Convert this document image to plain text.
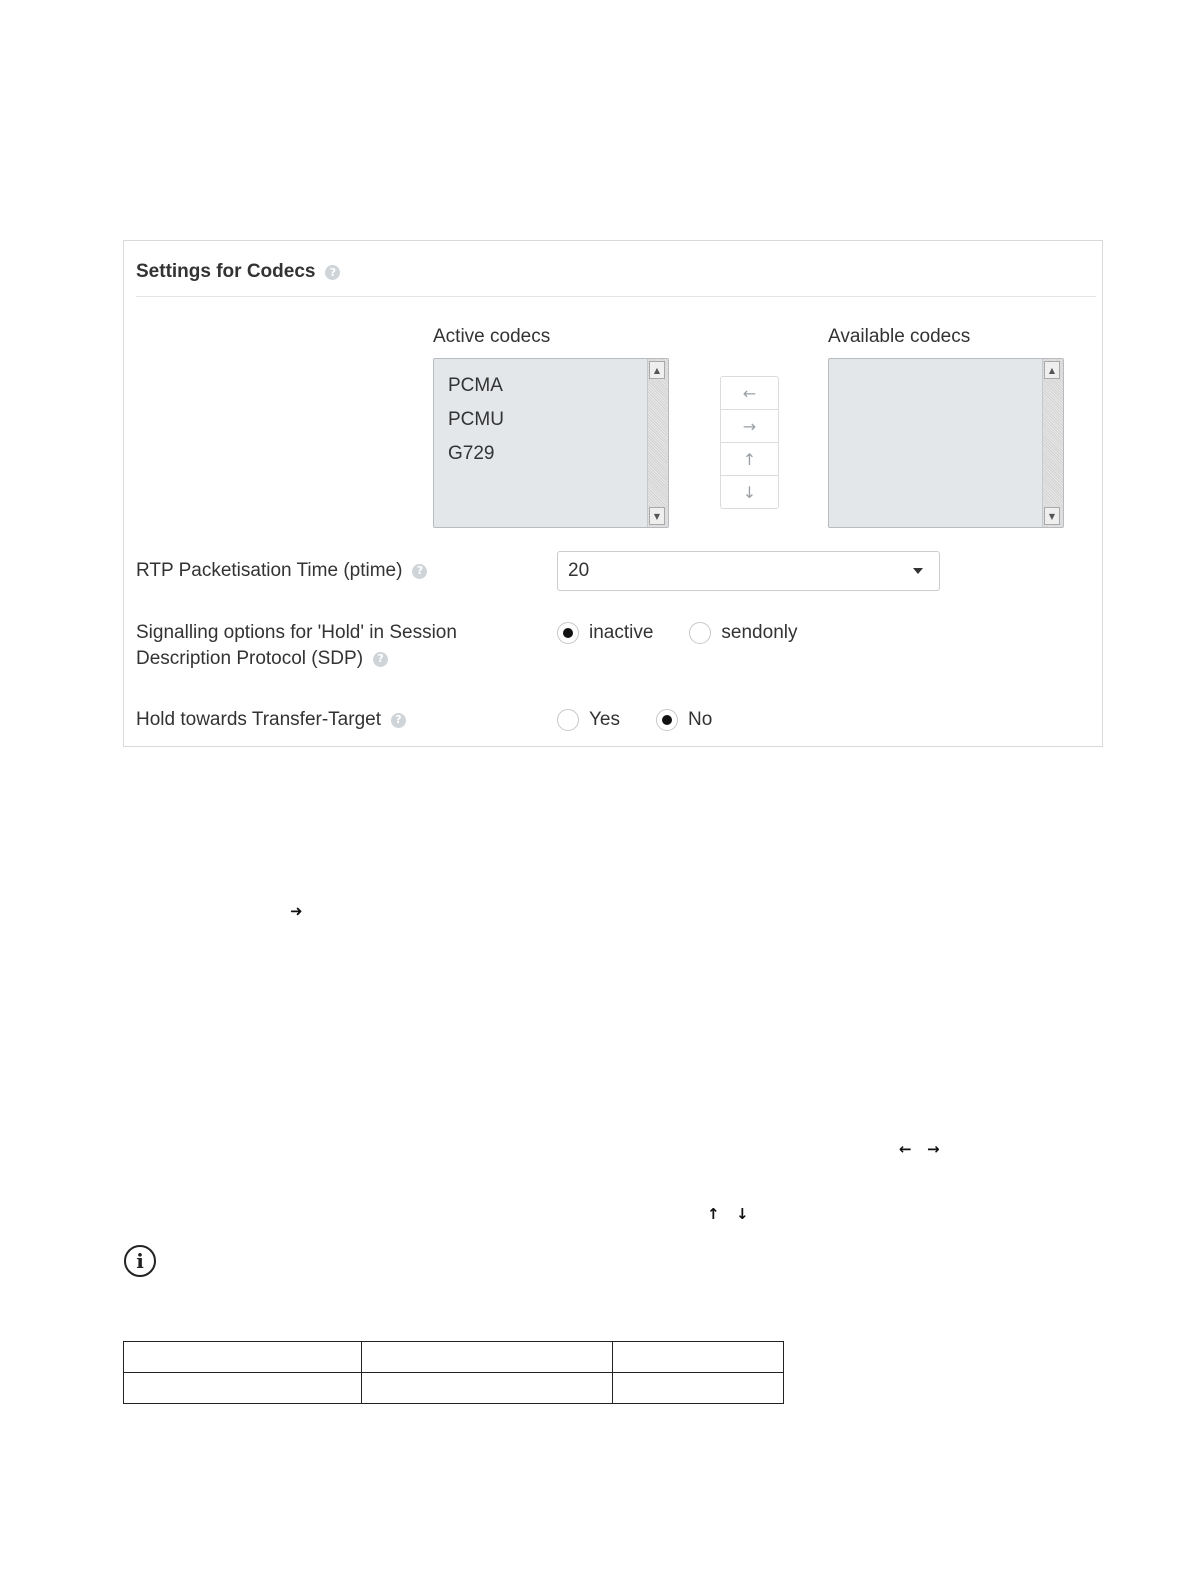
Settings for Codecs	?
Active codecs
PCMA
PCMU
G729
▲
▼
←
→
↑
↓
Available codecs
▲
▼
RTP Packetisation Time (ptime)	?	20
Signalling options for 'Hold' in Session
Description Protocol (SDP)	?
inactive	sendonly
Hold towards Transfer-Target	?	Yes	No
➜
← →
↑ ↓
i
